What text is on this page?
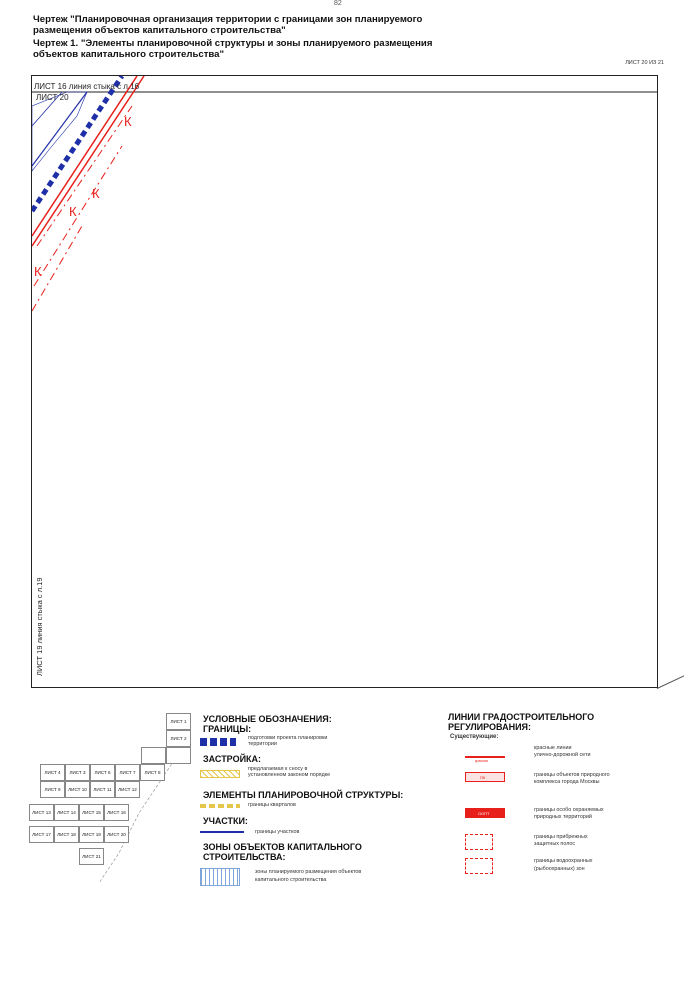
82
Чертеж "Планировочная организация территории с границами зон планируемого
размещения объектов капитального строительства"
Чертеж 1. "Элементы планировочной структуры и зоны планируемого размещения
объектов капитального строительства"
ЛИСТ 20 ИЗ 21
ЛИСТ 16 линия стыка с л.16
ЛИСТ 20
К
К
К
К
ЛИСТ 19 линия стыка с л.19
ЛИСТ 1
ЛИСТ 2
ЛИСТ 4	ЛИСТ 3	ЛИСТ 6	ЛИСТ 7	ЛИСТ 8
ЛИСТ 9	ЛИСТ 10	ЛИСТ 11	ЛИСТ 12
ЛИСТ 13	ЛИСТ 14	ЛИСТ 15	ЛИСТ 16
ЛИСТ 17	ЛИСТ 18	ЛИСТ 19	ЛИСТ 20
ЛИСТ 21
УСЛОВНЫЕ ОБОЗНАЧЕНИЯ:
ГРАНИЦЫ:
подготовки проекта планировки
территории
ЗАСТРОЙКА:
предлагаемая к сносу в
установленном законом порядке
ЭЛЕМЕНТЫ ПЛАНИРОВОЧНОЙ СТРУКТУРЫ:
границы кварталов
УЧАСТКИ:
границы участков
ЗОНЫ ОБЪЕКТОВ КАПИТАЛЬНОГО
СТРОИТЕЛЬСТВА:
зоны планируемого размещения объектов
капитального строительства
ЛИНИИ ГРАДОСТРОИТЕЛЬНОГО
РЕГУЛИРОВАНИЯ:
Существующие:
красная
красные линии
улично-дорожной сети
ПК	границы объектов природного
комплекса города Москвы
ООПТ
границы особо охраняемых
природных территорий
границы прибрежных
защитных полос
границы водоохранных
(рыбоохранных) зон
